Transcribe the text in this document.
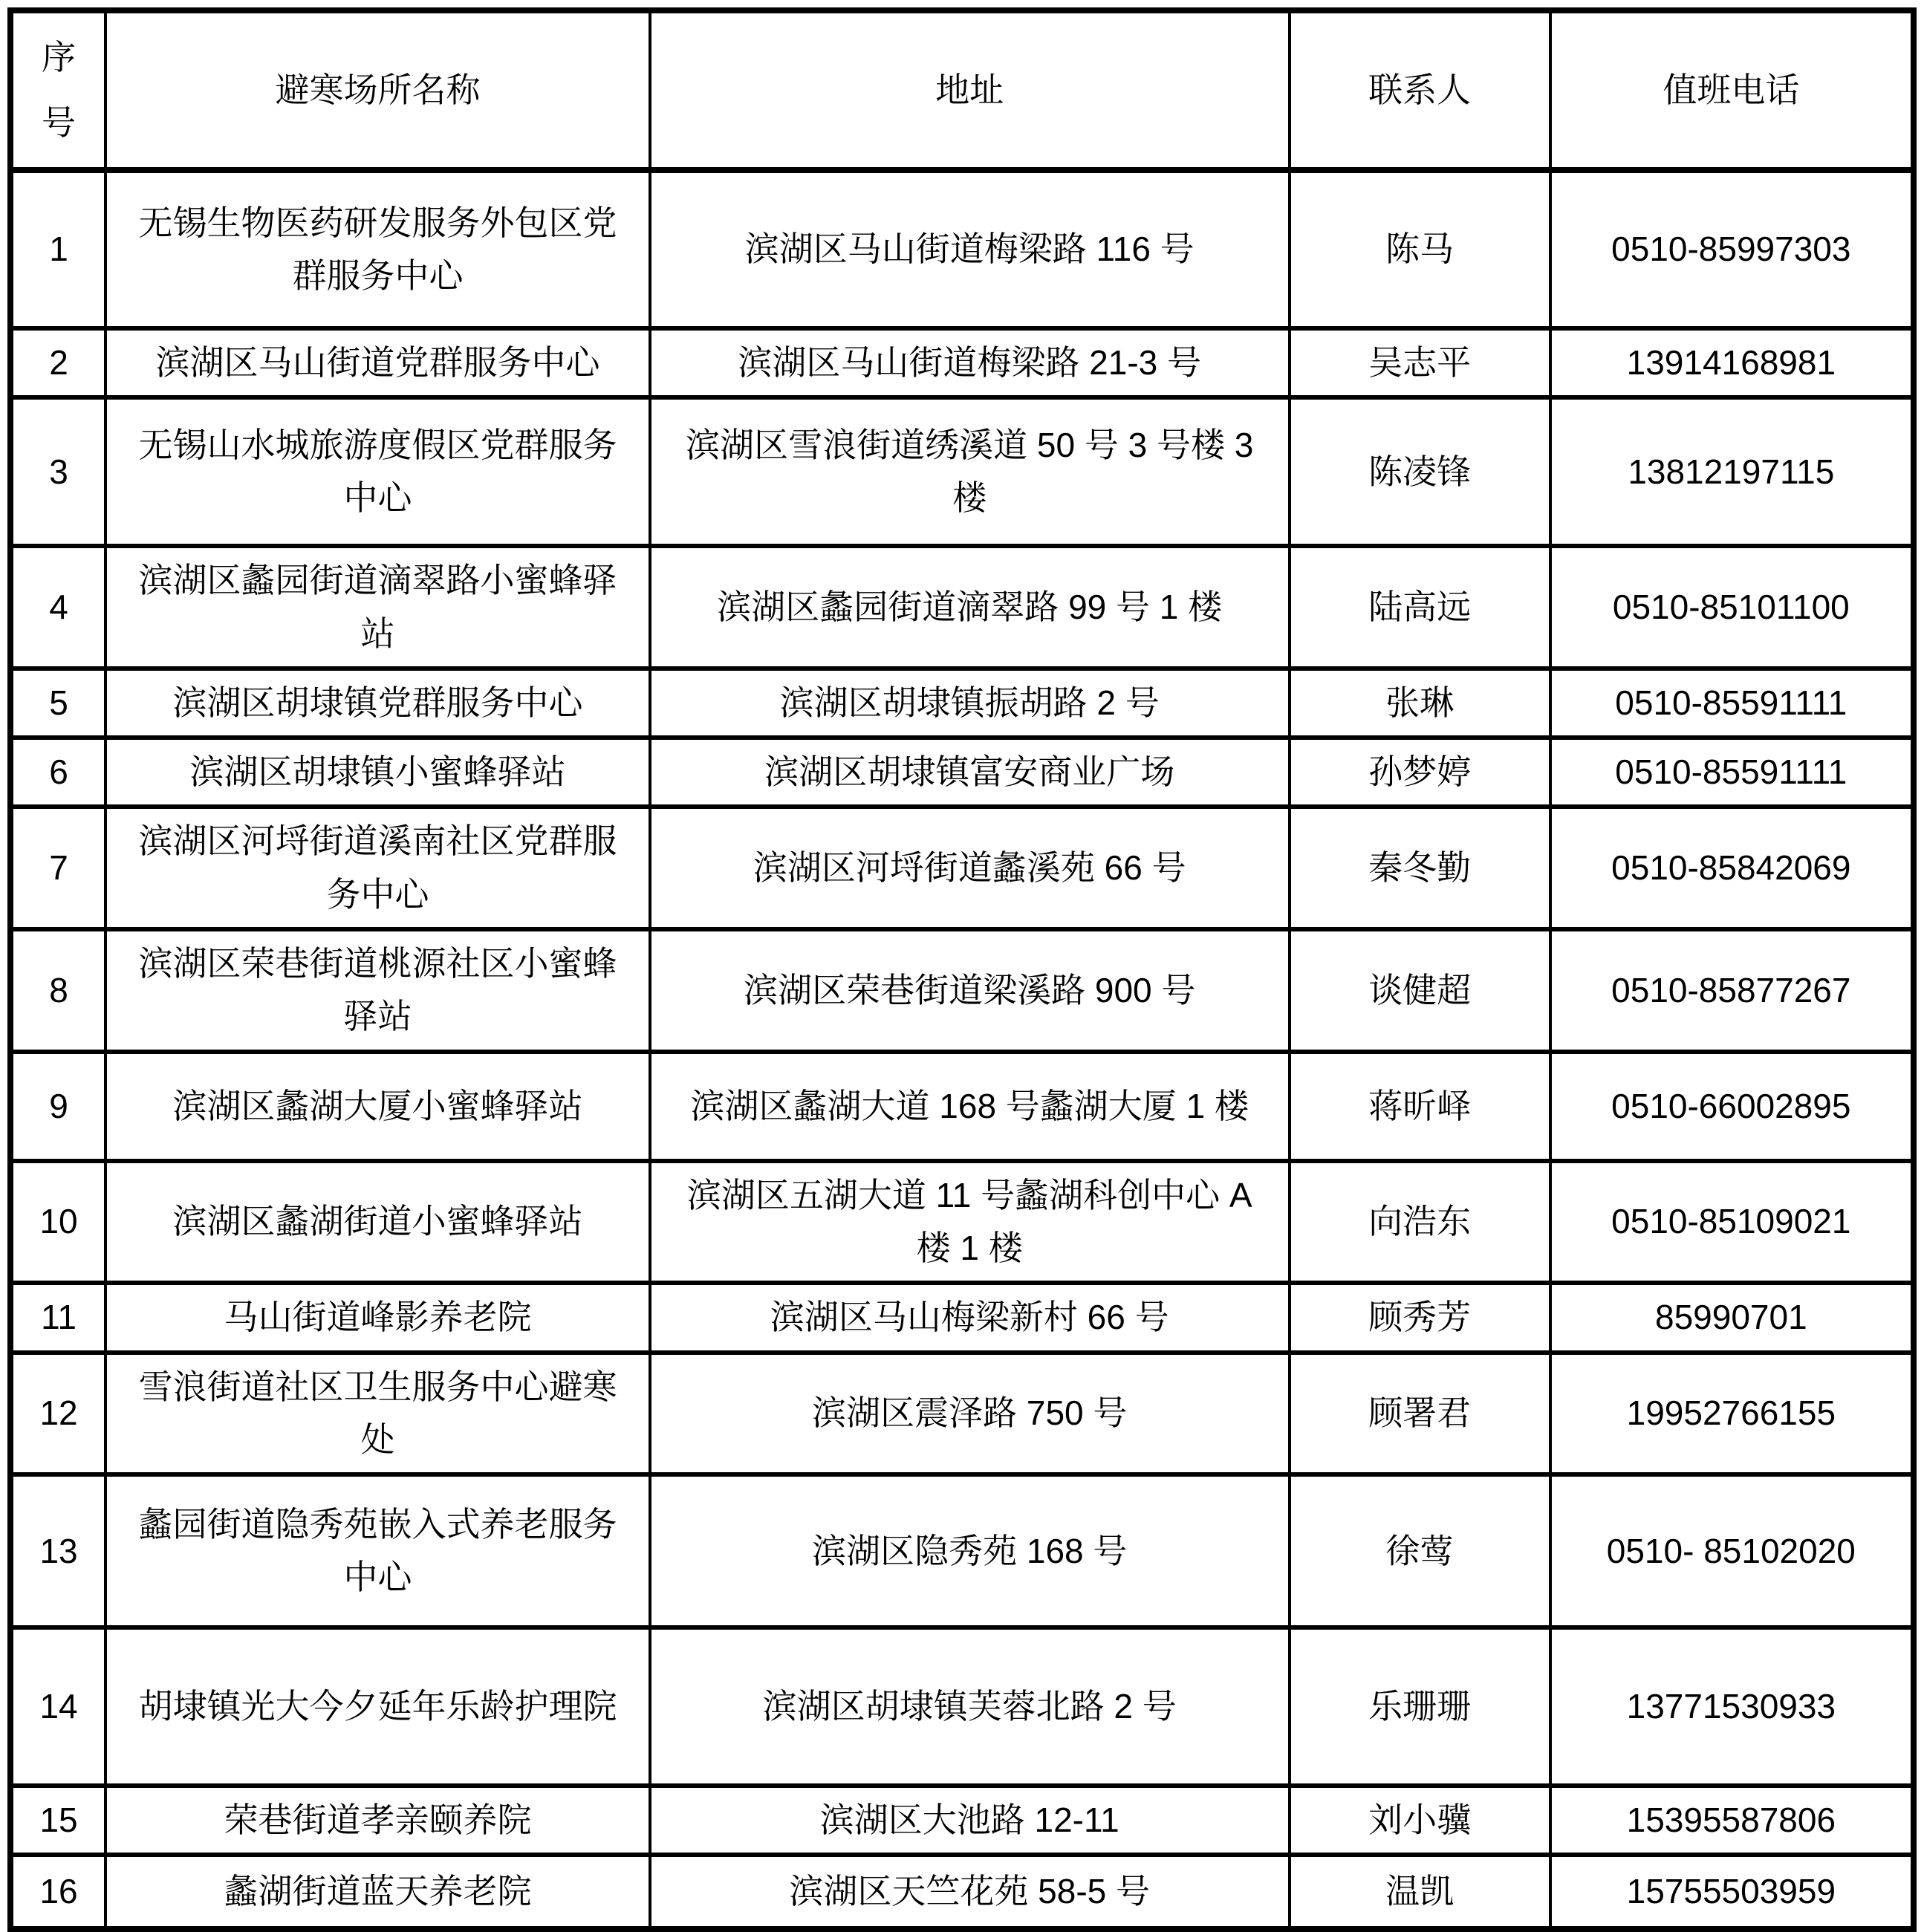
序号	避寒场所名称	地址	联系人	值班电话
1	无锡生物医药研发服务外包区党群服务中心	滨湖区马山街道梅梁路 116 号	陈马	0510-85997303
2	滨湖区马山街道党群服务中心	滨湖区马山街道梅梁路 21-3 号	吴志平	13914168981
3	无锡山水城旅游度假区党群服务中心	滨湖区雪浪街道绣溪道 50 号 3 号楼 3 楼	陈凌锋	13812197115
4	滨湖区蠡园街道滴翠路小蜜蜂驿站	滨湖区蠡园街道滴翠路 99 号 1 楼	陆高远	0510-85101100
5	滨湖区胡埭镇党群服务中心	滨湖区胡埭镇振胡路 2 号	张琳	0510-85591111
6	滨湖区胡埭镇小蜜蜂驿站	滨湖区胡埭镇富安商业广场	孙梦婷	0510-85591111
7	滨湖区河埒街道溪南社区党群服务中心	滨湖区河埒街道蠡溪苑 66 号	秦冬勤	0510-85842069
8	滨湖区荣巷街道桃源社区小蜜蜂驿站	滨湖区荣巷街道梁溪路 900 号	谈健超	0510-85877267
9	滨湖区蠡湖大厦小蜜蜂驿站	滨湖区蠡湖大道 168 号蠡湖大厦 1 楼	蒋昕峄	0510-66002895
10	滨湖区蠡湖街道小蜜蜂驿站	滨湖区五湖大道 11 号蠡湖科创中心 A 楼 1 楼	向浩东	0510-85109021
11	马山街道峰影养老院	滨湖区马山梅梁新村 66 号	顾秀芳	85990701
12	雪浪街道社区卫生服务中心避寒处	滨湖区震泽路 750 号	顾署君	19952766155
13	蠡园街道隐秀苑嵌入式养老服务中心	滨湖区隐秀苑 168 号	徐莺	0510- 85102020
14	胡埭镇光大今夕延年乐龄护理院	滨湖区胡埭镇芙蓉北路 2 号	乐珊珊	13771530933
15	荣巷街道孝亲颐养院	滨湖区大池路 12-11	刘小骥	15395587806
16	蠡湖街道蓝天养老院	滨湖区天竺花苑 58-5 号	温凯	15755503959
